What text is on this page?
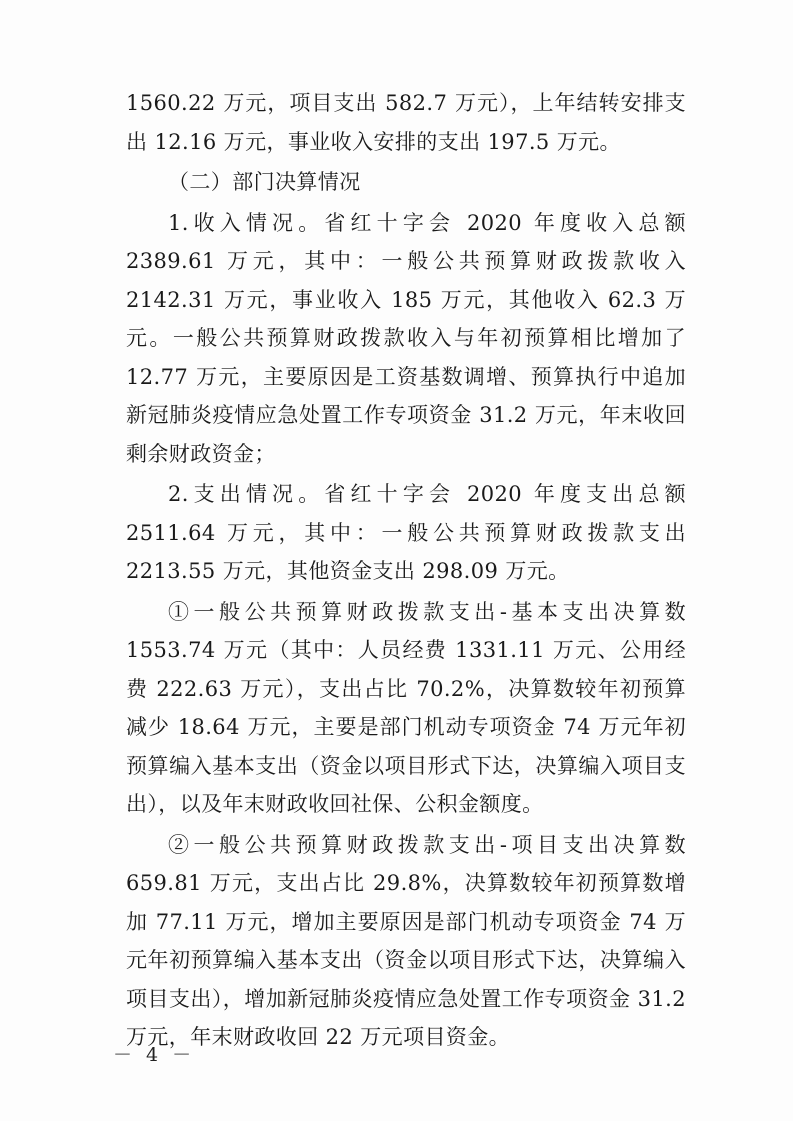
1560.22 万元，项目支出 582.7 万元），上年结转安排支出 12.16 万元，事业收入安排的支出 197.5 万元。

（二）部门决算情况

1.收入情况。省红十字会 2020 年度收入总额 2389.61 万元，其中：一般公共预算财政拨款收入 2142.31 万元，事业收入 185 万元，其他收入 62.3 万元。一般公共预算财政拨款收入与年初预算相比增加了 12.77 万元，主要原因是工资基数调增、预算执行中追加新冠肺炎疫情应急处置工作专项资金 31.2 万元，年末收回剩余财政资金；

2.支出情况。省红十字会 2020 年度支出总额 2511.64 万元，其中：一般公共预算财政拨款支出 2213.55 万元，其他资金支出 298.09 万元。

①一般公共预算财政拨款支出-基本支出决算数 1553.74 万元（其中：人员经费 1331.11 万元、公用经费 222.63 万元），支出占比 70.2%，决算数较年初预算减少 18.64 万元，主要是部门机动专项资金 74 万元年初预算编入基本支出（资金以项目形式下达，决算编入项目支出），以及年末财政收回社保、公积金额度。

②一般公共预算财政拨款支出-项目支出决算数 659.81 万元，支出占比 29.8%，决算数较年初预算数增加 77.11 万元，增加主要原因是部门机动专项资金 74 万元年初预算编入基本支出（资金以项目形式下达，决算编入项目支出），增加新冠肺炎疫情应急处置工作专项资金 31.2 万元，年末财政收回 22 万元项目资金。

－ 4 －
